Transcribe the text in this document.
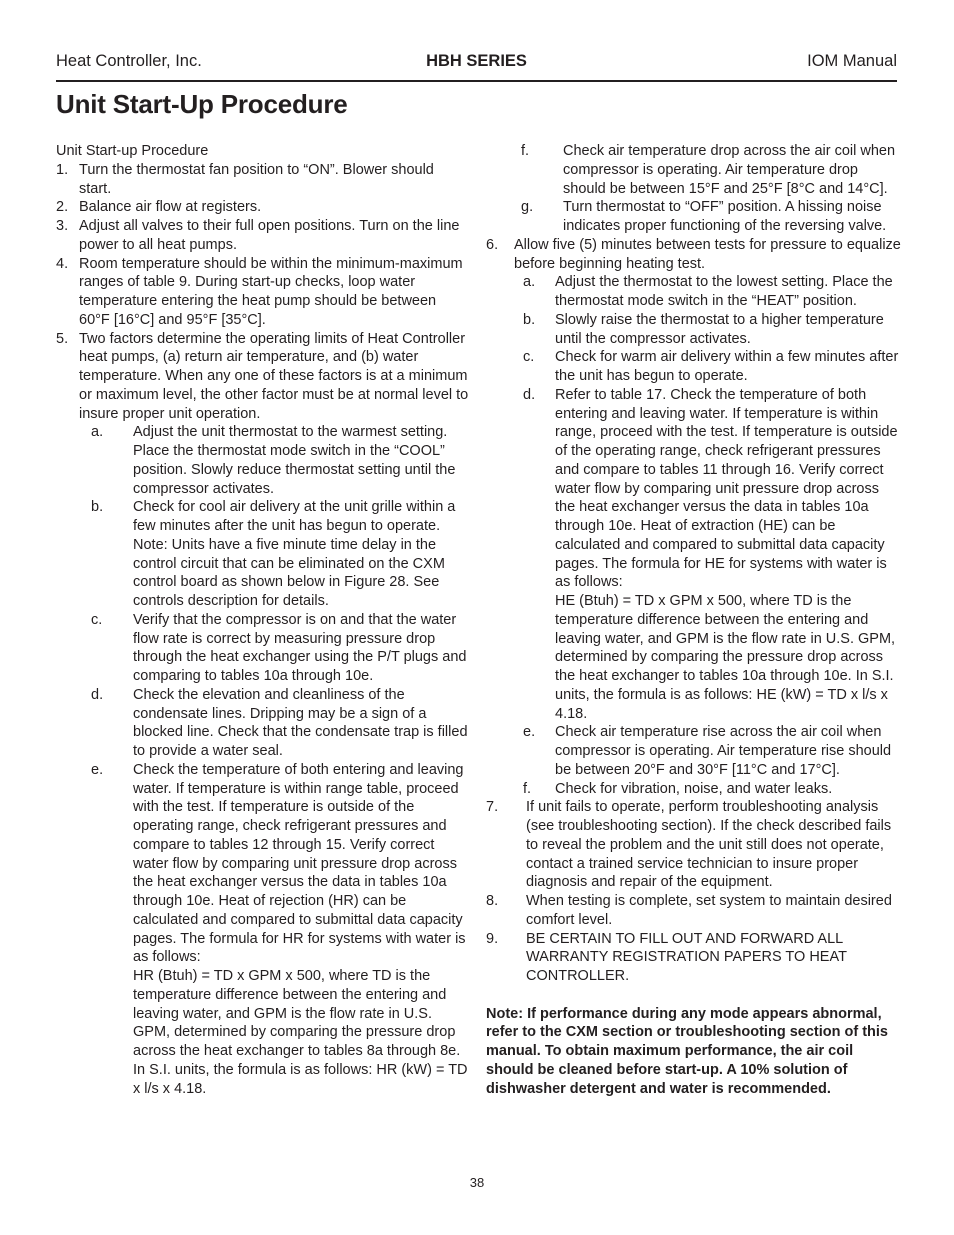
Heat Controller, Inc.	HBH SERIES	IOM Manual
Unit Start-Up Procedure

Unit Start-up Procedure

1. Turn the thermostat fan position to “ON”. Blower should start.
2. Balance air flow at registers.
3. Adjust all valves to their full open positions. Turn on the line power to all heat pumps.
4. Room temperature should be within the minimum-maximum ranges of table 9. During start-up checks, loop water temperature entering the heat pump should be between 60°F [16°C] and 95°F [35°C].
5. Two factors determine the operating limits of Heat Controller heat pumps, (a) return air temperature, and (b) water temperature. When any one of these factors is at a minimum or maximum level, the other factor must be at normal level to insure proper unit operation.
a. Adjust the unit thermostat to the warmest setting. Place the thermostat mode switch in the “COOL” position. Slowly reduce thermostat setting until the compressor activates.
b. Check for cool air delivery at the unit grille within a few minutes after the unit has begun to operate. Note: Units have a five minute time delay in the control circuit that can be eliminated on the CXM control board as shown below in Figure 28. See controls description for details.
c. Verify that the compressor is on and that the water flow rate is correct by measuring pressure drop through the heat exchanger using the P/T plugs and comparing to tables 10a through 10e.
d. Check the elevation and cleanliness of the condensate lines. Dripping may be a sign of a blocked line. Check that the condensate trap is filled to provide a water seal.
e. Check the temperature of both entering and leaving water. If temperature is within range table, proceed with the test. If temperature is outside of the operating range, check refrigerant pressures and compare to tables 12 through 15. Verify correct water flow by comparing unit pressure drop across the heat exchanger versus the data in tables 10a through 10e. Heat of rejection (HR) can be calculated and compared to submittal data capacity pages. The formula for HR for systems with water is as follows:
HR (Btuh) = TD x GPM x 500, where TD is the temperature difference between the entering and leaving water, and GPM is the flow rate in U.S. GPM, determined by comparing the pressure drop across the heat exchanger to tables 8a through 8e. In S.I. units, the formula is as follows: HR (kW) = TD x l/s x 4.18.
f. Check air temperature drop across the air coil when compressor is operating. Air temperature drop should be between 15°F and 25°F [8°C and 14°C].
g. Turn thermostat to “OFF” position. A hissing noise indicates proper functioning of the reversing valve.
6. Allow five (5) minutes between tests for pressure to equalize before beginning heating test.
a. Adjust the thermostat to the lowest setting. Place the thermostat mode switch in the “HEAT” position.
b. Slowly raise the thermostat to a higher temperature until the compressor activates.
c. Check for warm air delivery within a few minutes after the unit has begun to operate.
d. Refer to table 17. Check the temperature of both entering and leaving water. If temperature is within range, proceed with the test. If temperature is outside of the operating range, check refrigerant pressures and compare to tables 11 through 16. Verify correct water flow by comparing unit pressure drop across the heat exchanger versus the data in tables 10a through 10e. Heat of extraction (HE) can be calculated and compared to submittal data capacity pages. The formula for HE for systems with water is as follows:
HE (Btuh) = TD x GPM x 500, where TD is the temperature difference between the entering and leaving water, and GPM is the flow rate in U.S. GPM, determined by comparing the pressure drop across the heat exchanger to tables 10a through 10e. In S.I. units, the formula is as follows: HE (kW) = TD x l/s x 4.18.
e. Check air temperature rise across the air coil when compressor is operating. Air temperature rise should be between 20°F and 30°F [11°C and 17°C].
f. Check for vibration, noise, and water leaks.
7. If unit fails to operate, perform troubleshooting analysis (see troubleshooting section). If the check described fails to reveal the problem and the unit still does not operate, contact a trained service technician to insure proper diagnosis and repair of the equipment.
8. When testing is complete, set system to maintain desired comfort level.
9. BE CERTAIN TO FILL OUT AND FORWARD ALL WARRANTY REGISTRATION PAPERS TO HEAT CONTROLLER.

Note: If performance during any mode appears abnormal, refer to the CXM section or troubleshooting section of this manual. To obtain maximum performance, the air coil should be cleaned before start-up. A 10% solution of dishwasher detergent and water is recommended.

38
